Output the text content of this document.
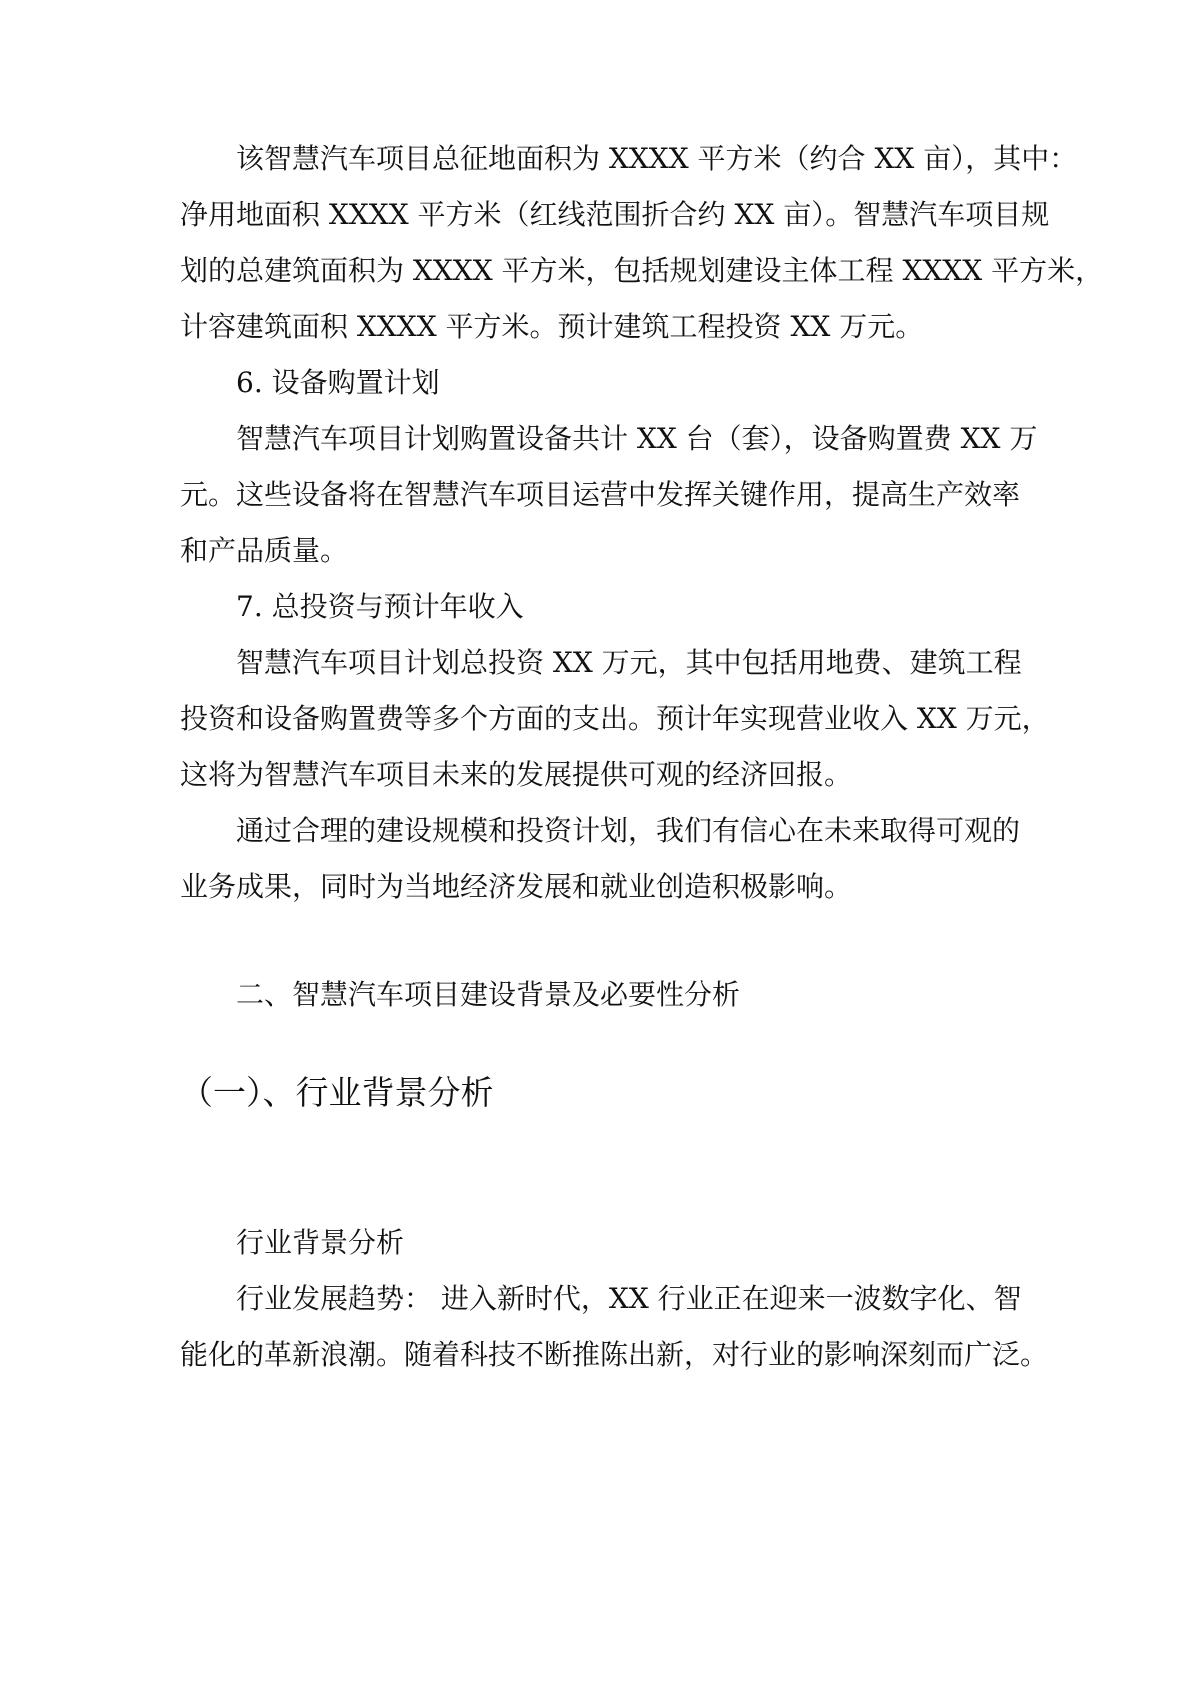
该智慧汽车项目总征地面积为 XXXX 平方米（约合 XX 亩），其中：
净用地面积 XXXX 平方米（红线范围折合约 XX 亩）。智慧汽车项目规
划的总建筑面积为 XXXX 平方米，包括规划建设主体工程 XXXX 平方米，
计容建筑面积 XXXX 平方米。预计建筑工程投资 XX 万元。
6. 设备购置计划
智慧汽车项目计划购置设备共计 XX 台（套），设备购置费 XX 万
元。这些设备将在智慧汽车项目运营中发挥关键作用，提高生产效率
和产品质量。
7. 总投资与预计年收入
智慧汽车项目计划总投资 XX 万元，其中包括用地费、建筑工程
投资和设备购置费等多个方面的支出。预计年实现营业收入 XX 万元，
这将为智慧汽车项目未来的发展提供可观的经济回报。
通过合理的建设规模和投资计划，我们有信心在未来取得可观的
业务成果，同时为当地经济发展和就业创造积极影响。
二、智慧汽车项目建设背景及必要性分析
（一）、行业背景分析
行业背景分析
行业发展趋势： 进入新时代，XX 行业正在迎来一波数字化、智
能化的革新浪潮。随着科技不断推陈出新，对行业的影响深刻而广泛。
